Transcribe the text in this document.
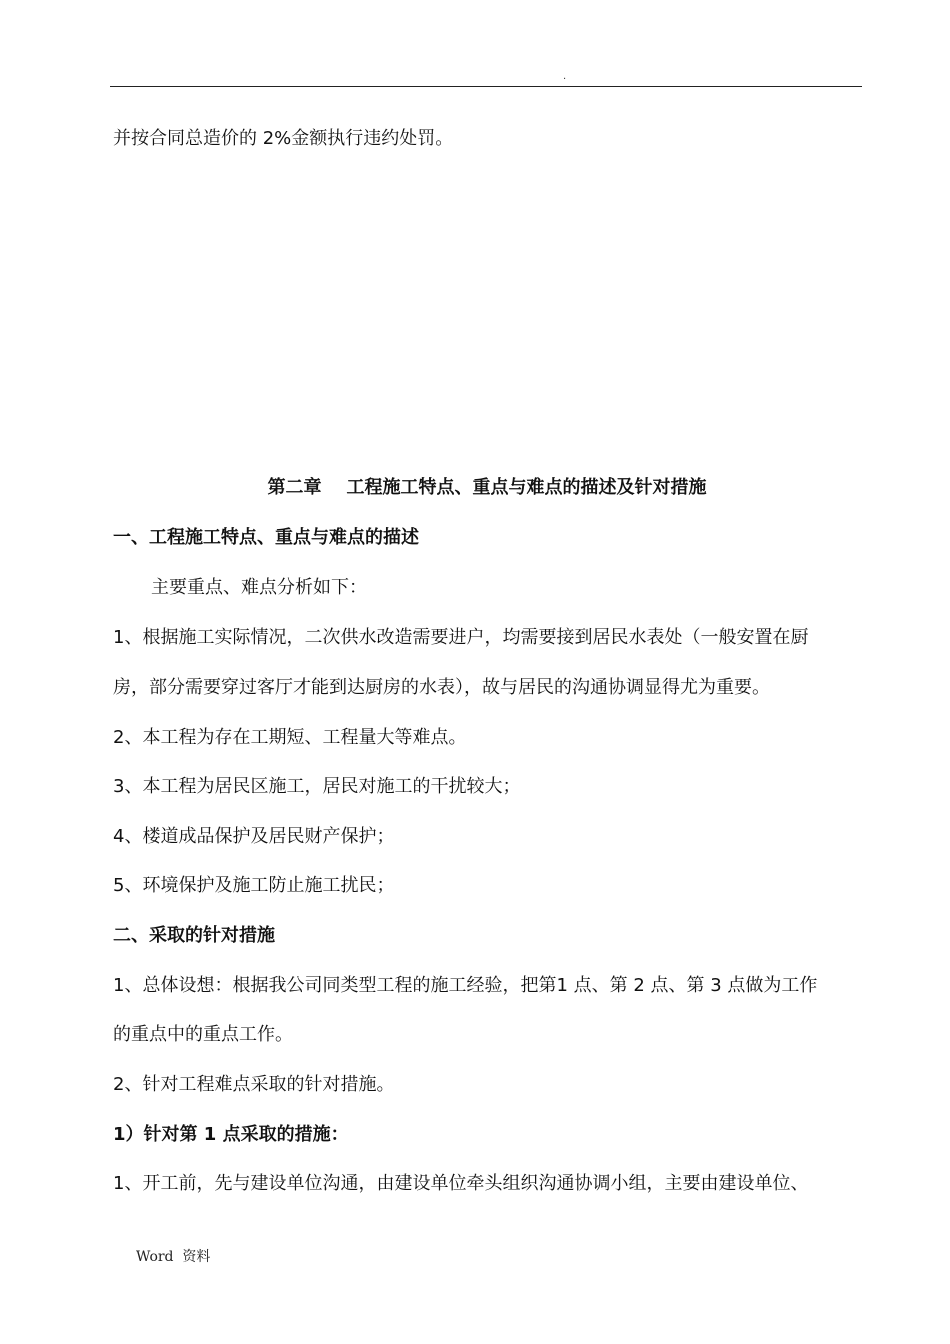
.
并按合同总造价的 2%金额执行违约处罚。
第二章    工程施工特点、重点与难点的描述及针对措施
一、工程施工特点、重点与难点的描述
主要重点、难点分析如下：
1、根据施工实际情况，二次供水改造需要进户，均需要接到居民水表处（一般安置在厨
房，部分需要穿过客厅才能到达厨房的水表），故与居民的沟通协调显得尤为重要。
2、本工程为存在工期短、工程量大等难点。
3、本工程为居民区施工，居民对施工的干扰较大；
4、楼道成品保护及居民财产保护；
5、环境保护及施工防止施工扰民；
二、采取的针对措施
1、总体设想：根据我公司同类型工程的施工经验，把第1 点、第 2 点、第 3 点做为工作
的重点中的重点工作。
2、针对工程难点采取的针对措施。
1）针对第 1 点采取的措施：
1、开工前，先与建设单位沟通，由建设单位牵头组织沟通协调小组，主要由建设单位、
Word  资料
